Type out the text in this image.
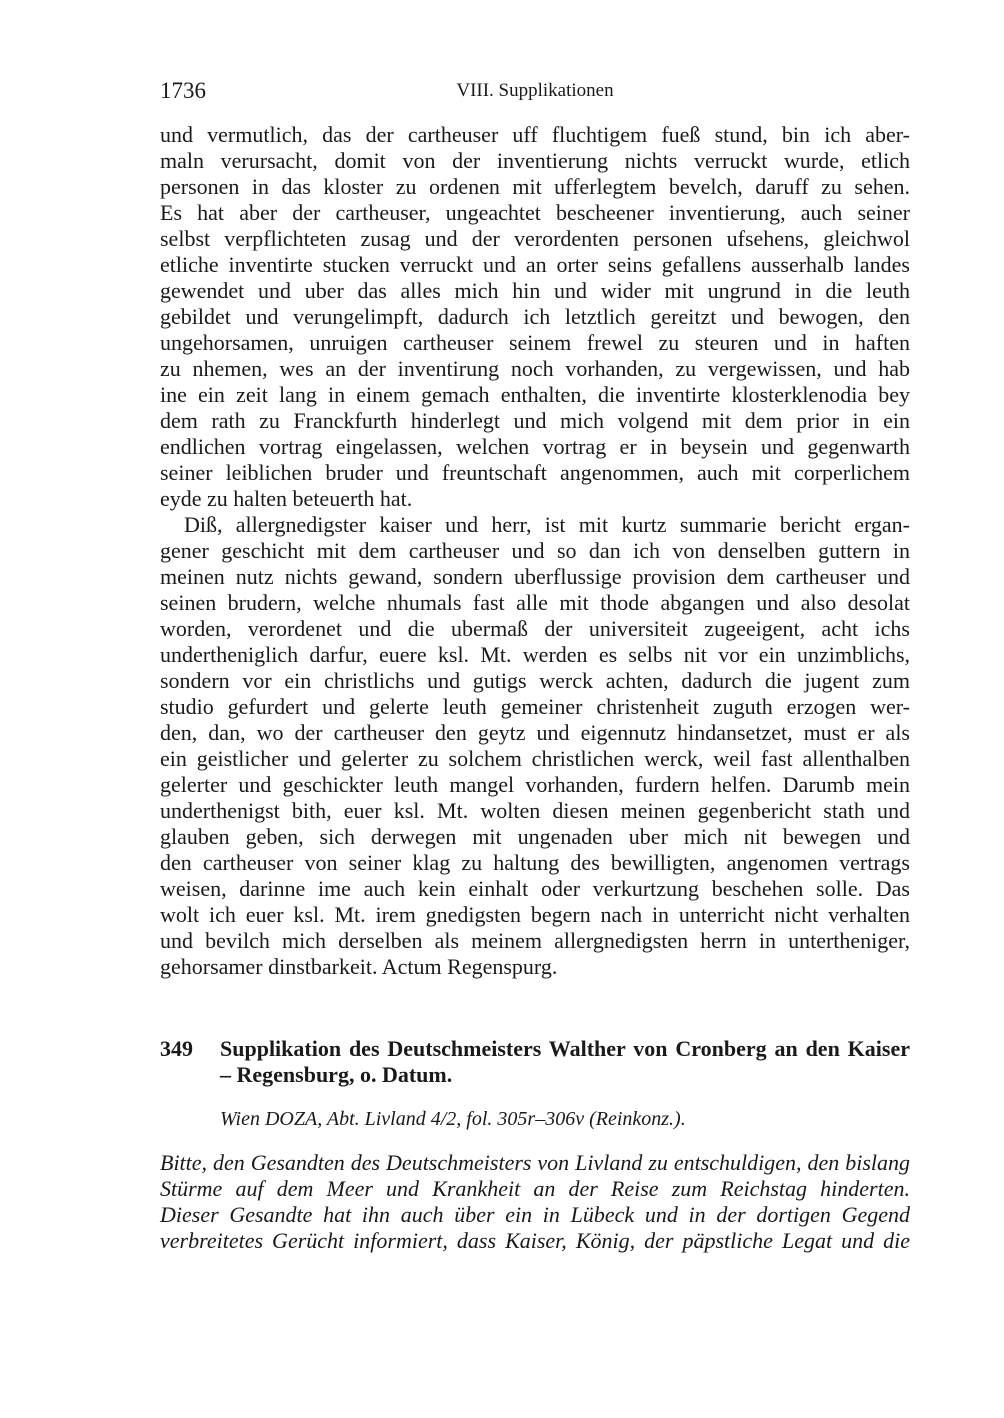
1736	VIII. Supplikationen
und vermutlich, das der cartheuser uff fluchtigem fueß stund, bin ich aber-
maln verursacht, domit von der inventierung nichts verruckt wurde, etlich
personen in das kloster zu ordenen mit ufferlegtem bevelch, daruff zu sehen.
Es hat aber der cartheuser, ungeachtet bescheener inventierung, auch seiner
selbst verpflichteten zusag und der verordenten personen ufsehens, gleichwol
etliche inventirte stucken verruckt und an orter seins gefallens ausserhalb landes
gewendet und uber das alles mich hin und wider mit ungrund in die leuth
gebildet und verungelimpft, dadurch ich letztlich gereitzt und bewogen, den
ungehorsamen, unruigen cartheuser seinem frewel zu steuren und in haften
zu nhemen, wes an der inventirung noch vorhanden, zu vergewissen, und hab
ine ein zeit lang in einem gemach enthalten, die inventirte klosterklenodia bey
dem rath zu Franckfurth hinderlegt und mich volgend mit dem prior in ein
endlichen vortrag eingelassen, welchen vortrag er in beysein und gegenwarth
seiner leiblichen bruder und freuntschaft angenommen, auch mit corperlichem
eyde zu halten beteuerth hat.
Diß, allergnedigster kaiser und herr, ist mit kurtz summarie bericht ergan-
gener geschicht mit dem cartheuser und so dan ich von denselben guttern in
meinen nutz nichts gewand, sondern uberflussige provision dem cartheuser und
seinen brudern, welche nhumals fast alle mit thode abgangen und also desolat
worden, verordenet und die ubermaß der universiteit zugeeigent, acht ichs
undertheniglich darfur, euere ksl. Mt. werden es selbs nit vor ein unzimblichs,
sondern vor ein christlichs und gutigs werck achten, dadurch die jugent zum
studio gefurdert und gelerte leuth gemeiner christenheit zuguth erzogen wer-
den, dan, wo der cartheuser den geytz und eigennutz hindansetzet, must er als
ein geistlicher und gelerter zu solchem christlichen werck, weil fast allenthalben
gelerter und geschickter leuth mangel vorhanden, furdern helfen. Darumb mein
underthenigst bith, euer ksl. Mt. wolten diesen meinen gegenbericht stath und
glauben geben, sich derwegen mit ungenaden uber mich nit bewegen und
den cartheuser von seiner klag zu haltung des bewilligten, angenomen vertrags
weisen, darinne ime auch kein einhalt oder verkurtzung beschehen solle. Das
wolt ich euer ksl. Mt. irem gnedigsten begern nach in unterricht nicht verhalten
und bevilch mich derselben als meinem allergnedigsten herrn in untertheniger,
gehorsamer dinstbarkeit. Actum Regenspurg.
349 Supplikation des Deutschmeisters Walther von Cronberg an den Kaiser
– Regensburg, o. Datum.
Wien DOZA, Abt. Livland 4/2, fol. 305r–306v (Reinkonz.).
Bitte, den Gesandten des Deutschmeisters von Livland zu entschuldigen, den bislang
Stürme auf dem Meer und Krankheit an der Reise zum Reichstag hinderten.
Dieser Gesandte hat ihn auch über ein in Lübeck und in der dortigen Gegend
verbreitetes Gerücht informiert, dass Kaiser, König, der päpstliche Legat und die
